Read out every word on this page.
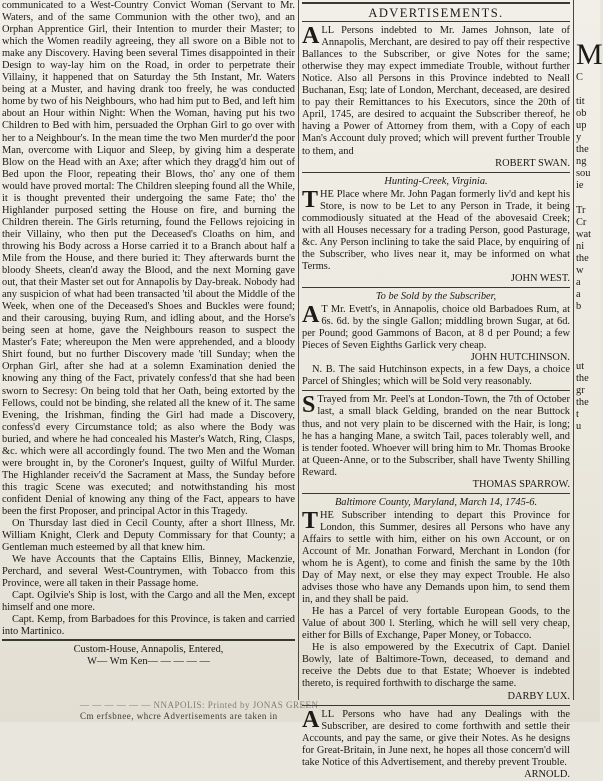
communicated to a West-Country Convict Woman (Servant to Mr. Waters, and of the same Communion with the other two), and an Orphan Apprentice Girl, their Intention to murder their Master; to which the Women readily agreeing, they all swore on a Bible not to make any Discovery. Having been several Times disappointed in their Design to way-lay him on the Road, in order to perpetrate their Villainy, it happened that on Saturday the 5th Instant, Mr. Waters being at a Muster, and having drank too freely, he was conducted home by two of his Neighbours, who had him put to Bed, and left him about an Hour within Night: When the Woman, having put his two Children to Bed with him, persuaded the Orphan Girl to go over with her to a Neighbour's. In the mean time the two Men murder'd the poor Man, overcome with Liquor and Sleep, by giving him a desperate Blow on the Head with an Axe; after which they dragg'd him out of Bed upon the Floor, repeating their Blows, tho' any one of them would have proved mortal: The Children sleeping found all the While, it is thought prevented their undergoing the same Fate; tho' the Highlander purposed setting the House on fire, and burning the Children therein. The Girls returning, found the Fellows rejoicing in their Villainy, who then put the Deceased's Cloaths on him, and throwing his Body across a Horse carried it to a Branch about half a Mile from the House, and there buried it: They afterwards burnt the bloody Sheets, clean'd away the Blood, and the next Morning gave out, that their Master set out for Annapolis by Day-break. Nobody had any suspicion of what had been transacted 'til about the Middle of the Week, when one of the Deceased's Shoes and Buckles were found; and their carousing, buying Rum, and idling about, and the Horse's being seen at home, gave the Neighbours reason to suspect the Master's Fate; whereupon the Men were apprehended, and a bloody Shirt found, but no further Discovery made 'till Sunday; when the Orphan Girl, after she had at a solemn Examination denied the knowing any thing of the Fact, privately confess'd that she had been sworn to Secresy: On being told that her Oath, being extorted by the Fellows, could not be binding, she related all the knew of it. The same Evening, the Irishman, finding the Girl had made a Discovery, confess'd every Circumstance told; as also where the Body was buried, and where he had concealed his Master's Watch, Ring, Clasps, &c. which were all accordingly found. The two Men and the Woman were brought in, by the Coroner's Inquest, guilty of Wilful Murder. The Highlander receiv'd the Sacrament at Mass, the Sunday before this tragic Scene was executed; and notwithstanding his most confident Denial of knowing any thing of the Fact, appears to have been the first Proposer, and principal Actor in this Tragedy.

On Thursday last died in Cecil County, after a short Illness, Mr. William Knight, Clerk and Deputy Commissary for that County; a Gentleman much esteemed by all that knew him.

We have Accounts that the Captains Ellis, Binney, Mackenzie, Perchard, and several West-Countrymen, with Tobacco from this Province, were all taken in their Passage home.

Capt. Ogilvie's Ship is lost, with the Cargo and all the Men, except himself and one more.

Capt. Kemp, from Barbadoes for this Province, is taken and carried into Martinico.

Custom-House, Annapolis, Entered,
W— Wm Ken— — — — —
ADVERTISEMENTS.
A LL Persons indebted to Mr. James Johnson, late of Annapolis, Merchant, are desired to pay off their respective Ballances to the Subscriber, or give Notes for the same; otherwise they may expect immediate Trouble, without further Notice. Also all Persons in this Province indebted to Neall Buchanan, Esq; late of London, Merchant, deceased, are desired to pay their Remittances to his Executors, since the 20th of April, 1745, are desired to acquaint the Subscriber thereof, he having a Power of Attorney from them, with a Copy of each Man's Account duly proved; which will prevent further Trouble to them, and

ROBERT SWAN.
Hunting-Creek, Virginia.
T HE Place where Mr. John Pagan formerly liv'd and kept his Store, is now to be Let to any Person in Trade, it being commodiously situated at the Head of the abovesaid Creek; with all Houses necessary for a trading Person, good Pasturage, &c. Any Person inclining to take the said Place, by enquiring of the Subscriber, who lives near it, may be informed on what Terms.

JOHN WEST.
To be Sold by the Subscriber,
A T Mr. Evett's, in Annapolis, choice old Barbadoes Rum, at 6s. 6d. by the single Gallon; middling brown Sugar, at 6d. per Pound; good Gammons of Bacon, at 8 d per Pound; a few Pieces of Seven Eighths Garlick very cheap.

JOHN HUTCHINSON.

N. B. The said Hutchinson expects, in a few Days, a choice Parcel of Shingles; which will be Sold very reasonably.

S Trayed from Mr. Peel's at London-Town, the 7th of October last, a small black Gelding, branded on the near Buttock thus, and not very plain to be discerned with the Hair, is long; he has a hanging Mane, a switch Tail, paces tolerably well, and is tender footed. Whoever will bring him to Mr. Thomas Brooke at Queen-Anne, or to the Subscriber, shall have Twenty Shilling Reward.

THOMAS SPARROW.
Baltimore County, Maryland, March 14, 1745-6.
T HE Subscriber intending to depart this Province for London, this Summer, desires all Persons who have any Affairs to settle with him, either on his own Account, or on Account of Mr. Jonathan Forward, Merchant in London (for whom he is Agent), to come and finish the same by the 10th Day of May next, or else they may expect Trouble. He also advises those who have any Demands upon him, to send them in, and they shall be paid.

He has a Parcel of very fortable European Goods, to the Value of about 300 l. Sterling, which he will sell very cheap, either for Bills of Exchange, Paper Money, or Tobacco.

He is also empowered by the Executrix of Capt. Daniel Bowly, late of Baltimore-Town, deceased, to demand and receive the Debts due to that Estate; Whoever is indebted thereto, is required forthwith to discharge the same.

DARBY LUX.
A LL Persons who have had any Dealings with the Subscriber, are desired to come forthwith and settle their Accounts, and pay the same, or give their Notes. As he designs for Great-Britain, in June next, he hopes all those concern'd will take Notice of this Advertisement, and thereby prevent Trouble.

ARNOLD.
M
C

tit
ob
up
y
the
ng
sou
ie

Tr
Cr
wat
ni
the
w
a
a
b

ut
the
gr
the
t
u

— — — — — — NNAPOLIS: Printed by JONAS GREEN — — — — — —
Cm erfsbnee, whcre Advertisements are taken in
